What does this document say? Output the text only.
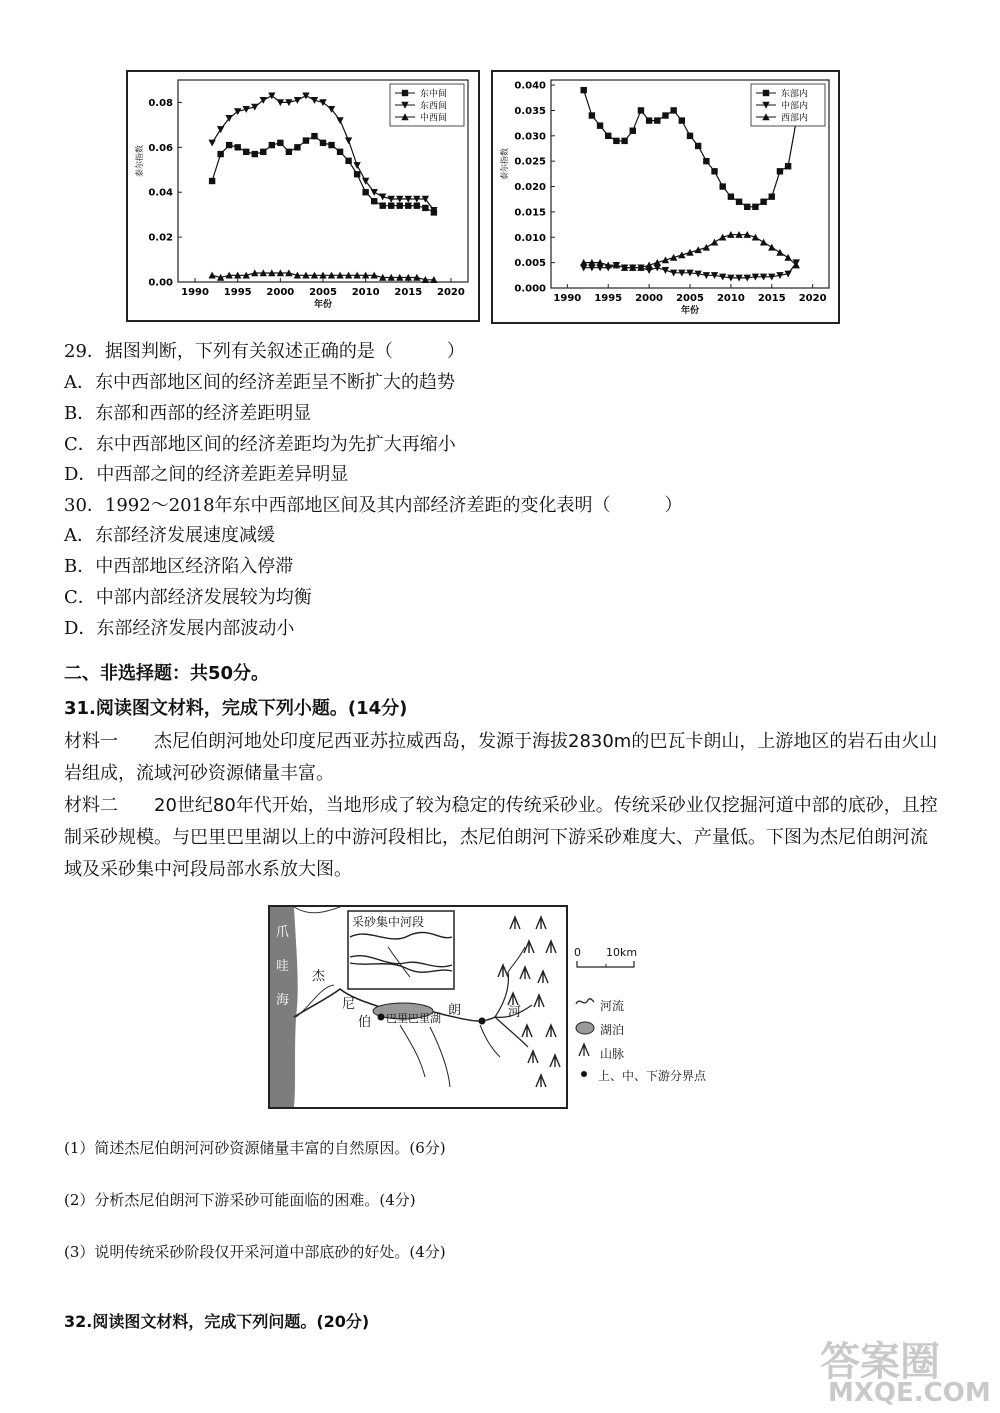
1990 1995 2000 2005 2010 2015 2020
0.00
0.02
0.04
0.06
0.08
年份
泰尔指数
东中间
东西间
中西间
1990 1995 2000 2005 2010 2015 2020
0.000
0.005
0.010
0.015
0.020
0.025
0.030
0.035
0.040
年份
泰尔指数
东部内
中部内
西部内
29．据图判断，下列有关叙述正确的是（　　　）
A．东中西部地区间的经济差距呈不断扩大的趋势
B．东部和西部的经济差距明显
C．东中西部地区间的经济差距均为先扩大再缩小
D．中西部之间的经济差距差异明显
30．1992～2018年东中西部地区间及其内部经济差距的变化表明（　　　）
A．东部经济发展速度减缓
B．中西部地区经济陷入停滞
C．中部内部经济发展较为均衡
D．东部经济发展内部波动小
二、非选择题：共50分。
31.阅读图文材料，完成下列小题。(14分)
材料一　　杰尼伯朗河地处印度尼西亚苏拉威西岛，发源于海拔2830m的巴瓦卡朗山，上游地区的岩石由火山岩组成，流域河砂资源储量丰富。
材料二　　20世纪80年代开始，当地形成了较为稳定的传统采砂业。传统采砂业仅挖掘河道中部的底砂，且控制采砂规模。与巴里巴里湖以上的中游河段相比，杰尼伯朗河下游采砂难度大、产量低。下图为杰尼伯朗河流域及采砂集中河段局部水系放大图。
爪
哇
海
采砂集中河段
杰
尼
伯
朗	河
巴里巴里湖
0 10km
河流
湖泊
山脉
上、中、下游分界点
(1）简述杰尼伯朗河河砂资源储量丰富的自然原因。(6分)
(2）分析杰尼伯朗河下游采砂可能面临的困难。(4分)
(3）说明传统采砂阶段仅开采河道中部底砂的好处。(4分)
32.阅读图文材料，完成下列问题。(20分)
答案圈
MXQE.COM
